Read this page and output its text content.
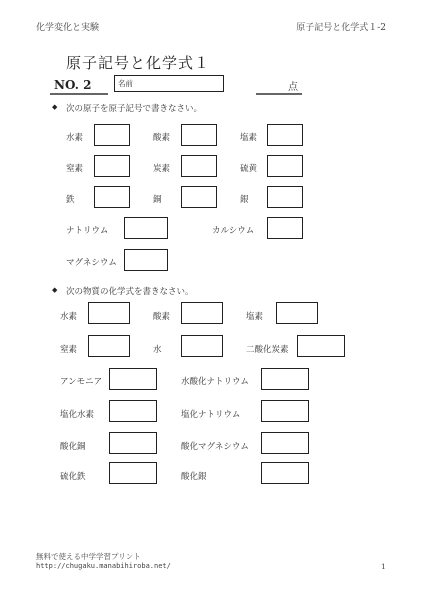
化学変化と実験	原子記号と化学式１-2
原子記号と化学式１
NO. 2	名前	点
◆ 次の原子を原子記号で書きなさい。
水素	酸素	塩素
窒素	炭素	硫黄
鉄	銅	銀
ナトリウム	カルシウム
マグネシウム
◆ 次の物質の化学式を書きなさい。
水素	酸素	塩素
窒素	水	二酸化炭素
アンモニア	水酸化ナトリウム
塩化水素	塩化ナトリウム
酸化銅	酸化マグネシウム
硫化鉄	酸化銀
無料で使える中学学習プリント
http://chugaku.manabihiroba.net/	1
